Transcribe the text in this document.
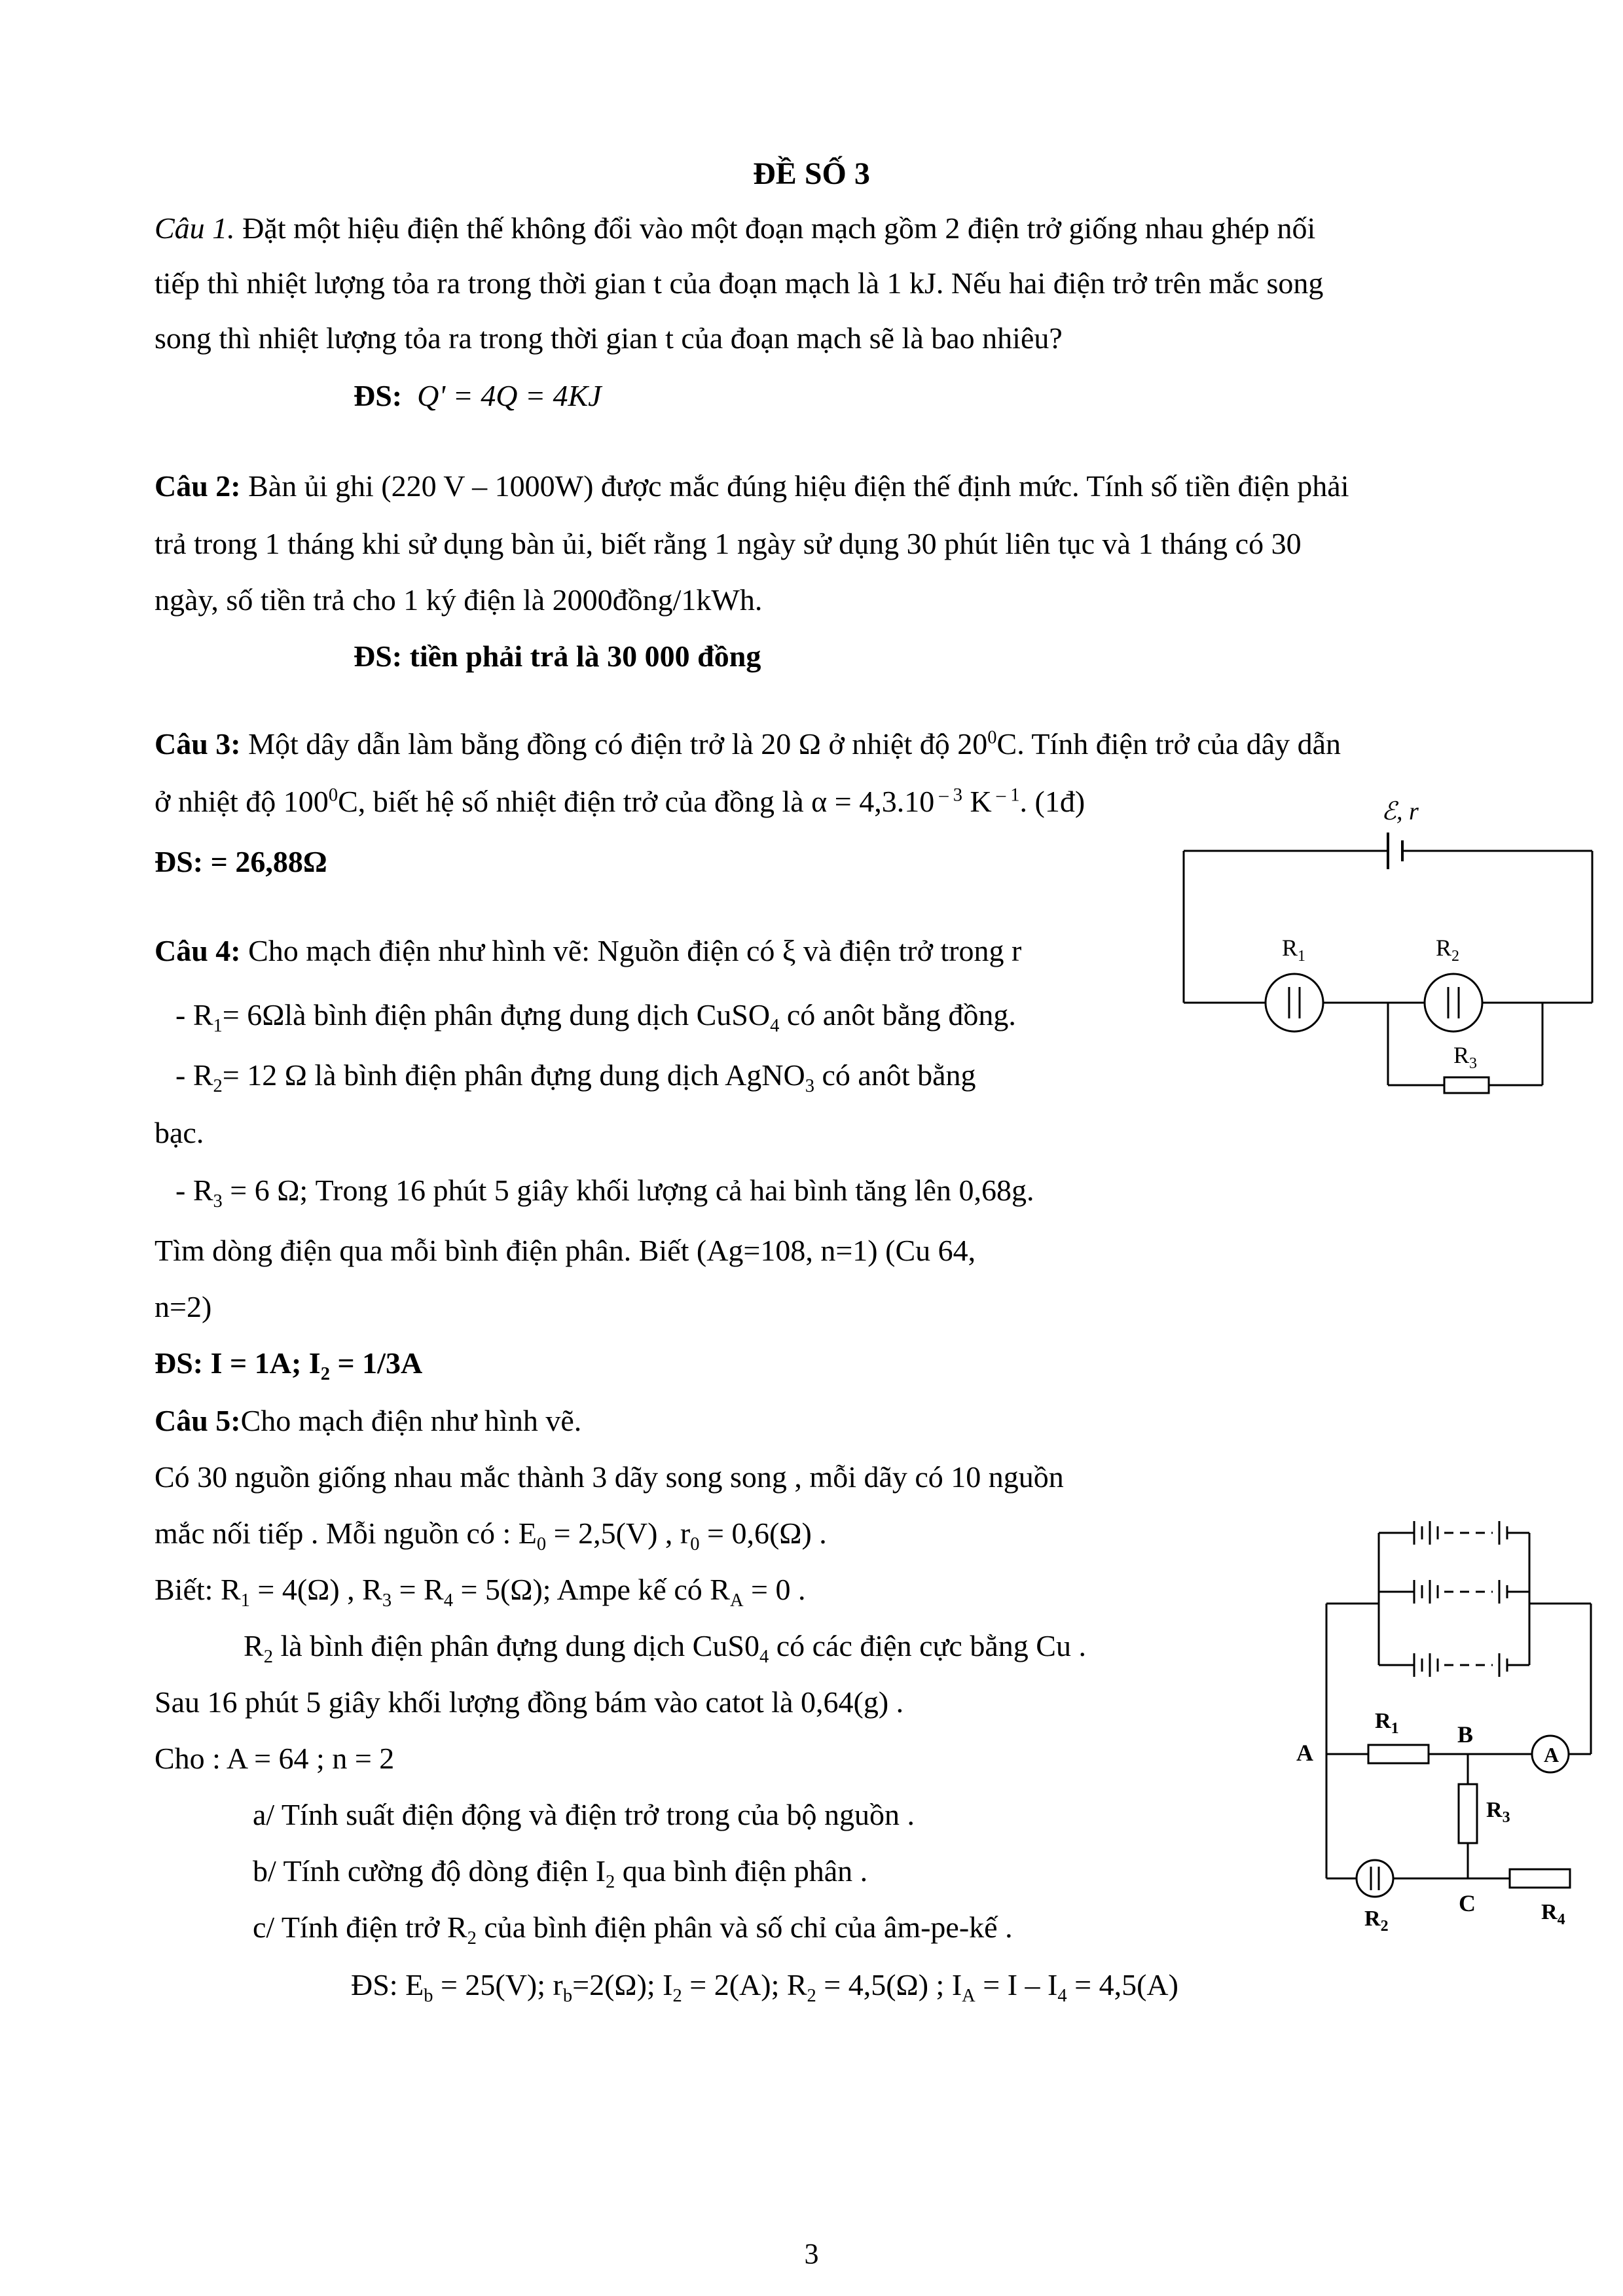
ĐỀ SỐ 3
Câu 1. Đặt một hiệu điện thế không đổi vào một đoạn mạch gồm 2 điện trở giống nhau ghép nối
tiếp thì nhiệt lượng tỏa ra trong thời gian t của đoạn mạch là 1 kJ. Nếu hai điện trở trên mắc song
song thì nhiệt lượng tỏa ra trong thời gian t của đoạn mạch sẽ là bao nhiêu?
ĐS: Q' = 4Q = 4KJ
Câu 2: Bàn ủi ghi (220 V – 1000W) được mắc đúng hiệu điện thế định mức. Tính số tiền điện phải
trả trong 1 tháng khi sử dụng bàn ủi, biết rằng 1 ngày sử dụng 30 phút liên tục và 1 tháng có 30
ngày, số tiền trả cho 1 ký điện là 2000đồng/1kWh.
ĐS: tiền phải trả là 30 000 đồng
Câu 3: Một dây dẫn làm bằng đồng có điện trở là 20 Ω ở nhiệt độ $20^0C$. Tính điện trở của dây dẫn
ở nhiệt độ $100^0C$, biết hệ số nhiệt điện trở của đồng là α = 4,3.10 $^{- 3}$ K $^{- 1}$. (1đ)
ĐS: = 26,88Ω
Câu 4: Cho mạch điện như hình vẽ: Nguồn điện có ξ và điện trở trong r
- $R_1=$ 6Ωlà bình điện phân đựng dung dịch CuSO$_4$ có anôt bằng đồng.
- $R_2= 12$ Ω là bình điện phân đựng dung dịch AgNO$_3$ có anôt bằng
bạc.
- $R_3 = 6$ Ω; Trong 16 phút 5 giây khối lượng cả hai bình tăng lên 0,68g.
Tìm dòng điện qua mỗi bình điện phân. Biết (Ag=108, n=1) (Cu 64,
n=2)
ĐS: I = 1A; $I_2 = 1/3A$
ℰ, r
$R_1$	$R_2$
$R_3$
Câu 5:Cho mạch điện như hình vẽ.
Có 30 nguồn giống nhau mắc thành 3 dãy song song , mỗi dãy có 10 nguồn
mắc nối tiếp . Mỗi nguồn có : $E_0 = 2,5(V)$ , $r_0 = 0,6(\Omega)$ .
Biết: $R_1 = 4(\Omega)$ , $R_3 = R_4 = 5(\Omega)$; Ampe kế có $R_A = 0$ .
$R_2$ là bình điện phân đựng dung dịch $CuS0_4$ có các điện cực bằng Cu .
Sau 16 phút 5 giây khối lượng đồng bám vào catot là 0,64(g) .
Cho : A = 64 ; n = 2
a/ Tính suất điện động và điện trở trong của bộ nguồn .
b/ Tính cường độ dòng điện $I_2$ qua bình điện phân .
c/ Tính điện trở $R_2$ của bình điện phân và số chỉ của âm-pe-kế .
ĐS: $E_b = 25(V)$; $r_b=2(\Omega)$; $I_2 = 2(A)$; $R_2 = 4,5(\Omega)$ ; $I_A = I - I_4 = 4,5(A)$
A
B
C
A
$R_1$
$R_2$
$R_3$
$R_4$
3
